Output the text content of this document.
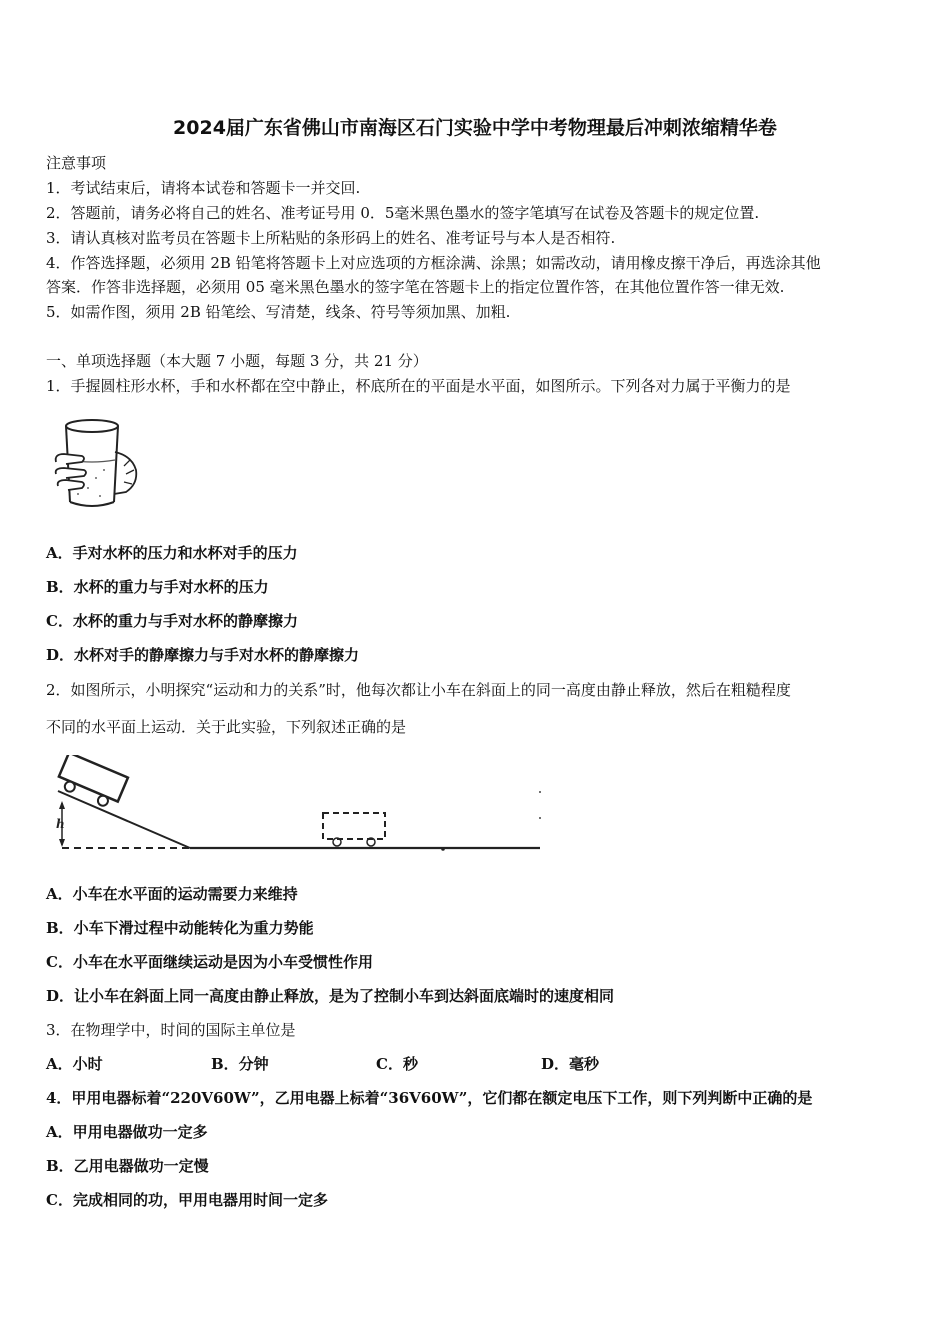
2024届广东省佛山市南海区石门实验中学中考物理最后冲刺浓缩精华卷
注意事项
1．考试结束后，请将本试卷和答题卡一并交回.
2．答题前，请务必将自己的姓名、准考证号用 0．5毫米黑色墨水的签字笔填写在试卷及答题卡的规定位置.
3．请认真核对监考员在答题卡上所粘贴的条形码上的姓名、准考证号与本人是否相符.
4．作答选择题，必须用 2B 铅笔将答题卡上对应选项的方框涂满、涂黑；如需改动，请用橡皮擦干净后，再选涂其他
答案．作答非选择题，必须用 05 毫米黑色墨水的签字笔在答题卡上的指定位置作答，在其他位置作答一律无效.
5．如需作图，须用 2B 铅笔绘、写清楚，线条、符号等须加黑、加粗.
一、单项选择题（本大题 7 小题，每题 3 分，共 21 分）
1．手握圆柱形水杯，手和水杯都在空中静止，杯底所在的平面是水平面，如图所示。下列各对力属于平衡力的是
A．手对水杯的压力和水杯对手的压力
B．水杯的重力与手对水杯的压力
C．水杯的重力与手对水杯的静摩擦力
D．水杯对手的静摩擦力与手对水杯的静摩擦力
2．如图所示，小明探究“运动和力的关系”时，他每次都让小车在斜面上的同一高度由静止释放，然后在粗糙程度
不同的水平面上运动．关于此实验，下列叙述正确的是
h
A．小车在水平面的运动需要力来维持
B．小车下滑过程中动能转化为重力势能
C．小车在水平面继续运动是因为小车受惯性作用
D．让小车在斜面上同一高度由静止释放，是为了控制小车到达斜面底端时的速度相同
3．在物理学中，时间的国际主单位是
A．小时	B．分钟	C．秒	D．毫秒
4．甲用电器标着“220V60W”，乙用电器上标着“36V60W”，它们都在额定电压下工作，则下列判断中正确的是
A．甲用电器做功一定多
B．乙用电器做功一定慢
C．完成相同的功，甲用电器用时间一定多
